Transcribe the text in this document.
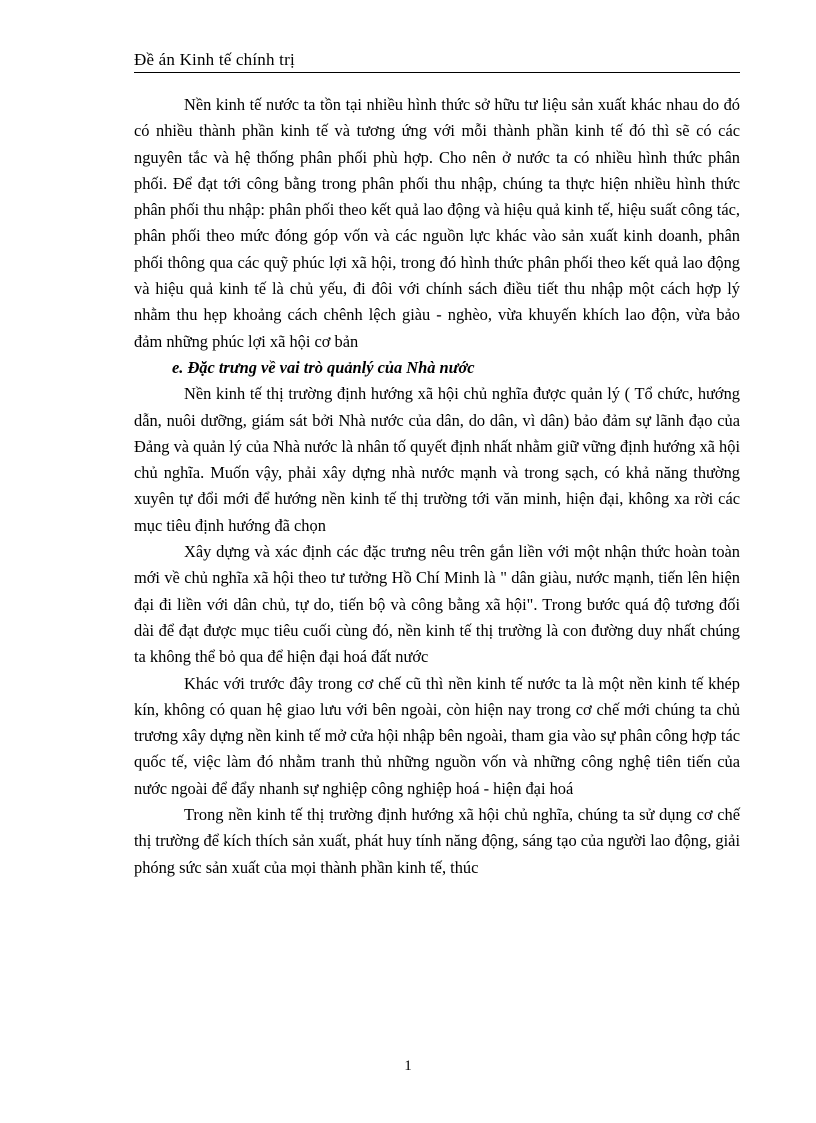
Đề án Kinh tế chính trị

Nền kinh tế nước ta tồn tại nhiều hình thức sở hữu tư liệu sản xuất khác nhau do đó có nhiều thành phần kinh tế và tương ứng với mỗi thành phần kinh tế đó thì sẽ có các nguyên tắc và hệ thống phân phối phù hợp. Cho nên ở nước ta có nhiều hình thức phân phối. Để đạt tới công bằng trong phân phối thu nhập, chúng ta thực hiện nhiều hình thức phân phối thu nhập: phân phối theo kết quả lao động và hiệu quả kinh tế, hiệu suất công tác, phân phối theo mức đóng góp vốn và các nguồn lực khác vào sản xuất kinh doanh, phân phối thông qua các quỹ phúc lợi xã hội, trong đó hình thức phân phối theo kết quả lao động và hiệu quả kinh tế là chủ yếu, đi đôi với chính sách điều tiết thu nhập một cách hợp lý nhằm thu hẹp khoảng cách chênh lệch giàu - nghèo, vừa khuyến khích lao độn, vừa bảo đảm những phúc lợi xã hội cơ bản

e. Đặc trưng về vai trò quảnlý của Nhà nước

Nền kinh tế thị trường định hướng xã hội chủ nghĩa được quản lý ( Tổ chức, hướng dẫn, nuôi dưỡng, giám sát bởi Nhà nước của dân, do dân, vì dân) bảo đảm sự lãnh đạo của Đảng và quản lý của Nhà nước là nhân tố quyết định nhất nhằm giữ vững định hướng xã hội chủ nghĩa. Muốn vậy, phải xây dựng nhà nước mạnh và trong sạch, có khả năng thường xuyên tự đổi mới để hướng nền kinh tế thị trường tới văn minh, hiện đại, không xa rời các mục tiêu định hướng đã chọn

Xây dựng và xác định các đặc trưng nêu trên gắn liền với một nhận thức hoàn toàn mới về chủ nghĩa xã hội theo tư tưởng Hồ Chí Minh là " dân giàu, nước mạnh, tiến lên hiện đại đi liền với dân chủ, tự do, tiến bộ và công bằng xã hội". Trong bước quá độ tương đối dài để đạt được mục tiêu cuối cùng đó, nền kinh tế thị trường là con đường duy nhất chúng ta không thể bỏ qua để hiện đại hoá đất nước

Khác với trước đây trong cơ chế cũ thì nền kinh tế nước ta là một nền kinh tế khép kín, không có quan hệ giao lưu với bên ngoài, còn hiện nay trong cơ chế mới chúng ta chủ trương xây dựng nền kinh tế mở cửa hội nhập bên ngoài, tham gia vào sự phân công hợp tác quốc tế, việc làm đó nhằm tranh thủ những nguồn vốn và những công nghệ tiên tiến của nước ngoài để đẩy nhanh sự nghiệp công nghiệp hoá - hiện đại hoá

Trong nền kinh tế thị trường định hướng xã hội chủ nghĩa, chúng ta sử dụng cơ chế thị trường để kích thích sản xuất, phát huy tính năng động, sáng tạo của người lao động, giải phóng sức sản xuất của mọi thành phần kinh tế, thúc

1
